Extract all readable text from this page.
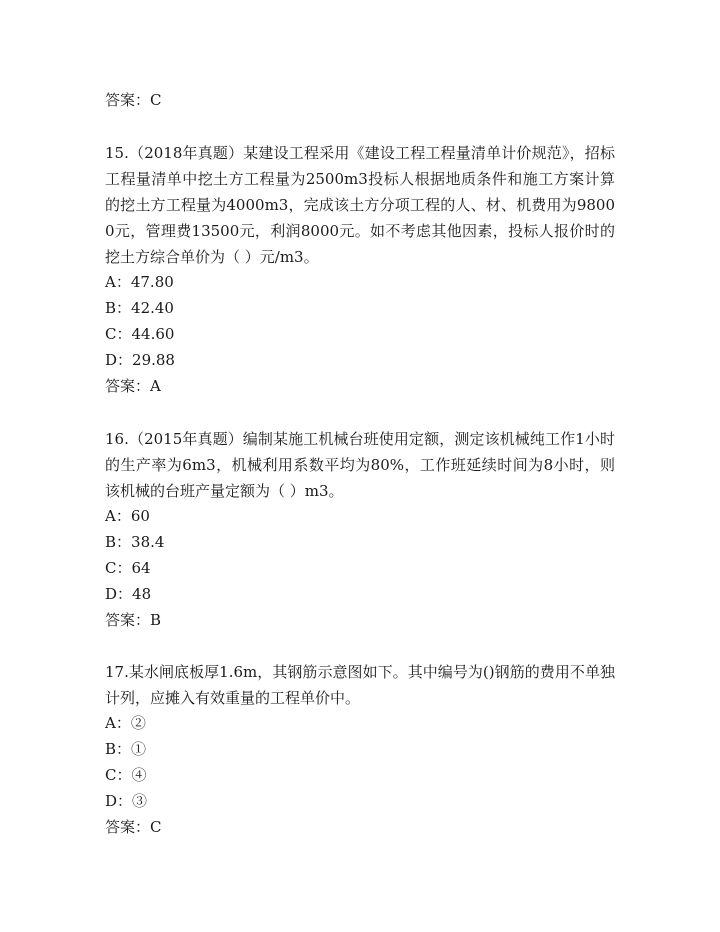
答案：C
15.（2018年真题）某建设工程采用《建设工程工程量清单计价规范》，招标工程量清单中挖土方工程量为2500m3投标人根据地质条件和施工方案计算的挖土方工程量为4000m3，完成该土方分项工程的人、材、机费用为98000元，管理费13500元，利润8000元。如不考虑其他因素，投标人报价时的挖土方综合单价为（ ）元/m3。
A：47.80
B：42.40
C：44.60
D：29.88
答案：A
16.（2015年真题）编制某施工机械台班使用定额，测定该机械纯工作1小时的生产率为6m3，机械利用系数平均为80%，工作班延续时间为8小时，则该机械的台班产量定额为（ ）m3。
A：60
B：38.4
C：64
D：48
答案：B
17.某水闸底板厚1.6m，其钢筋示意图如下。其中编号为()钢筋的费用不单独计列，应摊入有效重量的工程单价中。
A：②
B：①
C：④
D：③
答案：C
